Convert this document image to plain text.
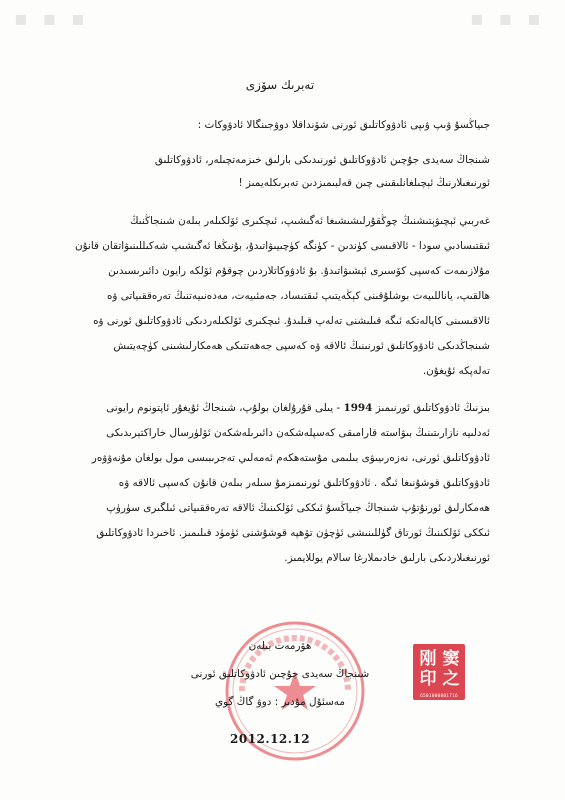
▪ ▪ ▪	▪ ▪ ▪
تەبرىك سۆزى
جىياڭسۇ ۋىپ ۋىپى ئادۋوكاتلىق ئورنى شۆنداقلا دوۋجىنگالا ئادۋوكات :
شىنجاڭ سەيدى جۇچىن ئادۋوكاتلىق ئورنىدىكى بارلىق خىزمەتچىلەر، ئادۋوكاتلىق
ئورنىغىلارنىڭ ئېچىلغانلىقىنى چىن قەلبىمىزدىن تەبرىكلەيمىز !
غەربىي ئېچىۋېتىشنىڭ چوڭقۇرلىشىشىغا ئەگىشىپ، ئىچكىرى ئۆلكىلەر بىلەن شىنجاڭنىڭ
ئىقتىسادىي سودا - ئالاقىسى كۈندىن - كۈنگە كۈچىيىۋاتىدۇ، بۇنىڭغا ئەگىشىپ شەكىللىنىۋاتقان قانۇن
مۇلازىمەت كەسپى كۆسىرى ئېشىۋاتىدۇ. بۇ ئادۋوكاتلاردىن چوقۇم ئۆلكە رايون دائىرىسىدىن
ھالقىپ، ياناللىيەت بوشلۇقىنى كېڭەيتىپ ئىقتىساد، جەمئىيەت، مەدەنىيەتنىڭ تەرەققىياتى ۋە
ئالاقىسىنى كاپالەتكە ئىگە قىلىشنى تەلەپ قىلىدۇ. ئىچكىرى ئۆلكىلەردىكى ئادۋوكاتلىق ئورنى ۋە
شىنجاڭدىكى ئادۋوكاتلىق ئورنىنىڭ ئالاقە ۋە كەسپى جەھەتتىكى ھەمكارلىشىنى كۈچەيتىش
تەلەپكە ئۇيغۇن.
بىزنىڭ ئادۋوكاتلىق ئورنىمىز 1994 - يىلى قۇرۇلغان بولۇپ، شىنجاڭ ئۇيغۇر ئاپتونوم رايونى
ئەدلىيە نازارىتىنىڭ بىۋاستە قارامىقى كەسپلەشكەن دائىرىلەشكەن ئۆلۈرسال خاراكتېرىدىكى
ئادۋوكاتلىق ئورنى، نەزەرىيىۋى بىلىمى مۇستەھكەم ئەمەلىي تەجرىبىسى مول بولغان مۇنەۋۋەر
ئادۋوكاتلىق قوشۇنىغا ئىگە . ئادۋوكاتلىق ئورنىمىزمۇ سىلەر بىلەن قانۇن كەسپى ئالاقە ۋە
ھەمكارلىق ئورنۇتۇپ شىنجاڭ جىياڭسۇ ئىككى ئۆلكىنىڭ ئالاقە تەرەققىياتى ئىلگىرى سۈرۈپ
ئىككى ئۆلكىنىڭ ئورتاق گۈللىنىشى ئۈچۈن تۆھپە قوشۇشنى ئۈمۈد قىلىمىز. ئاخىردا ئادۋوكاتلىق
ئورنىغىلاردىكى بارلىق خادىملارغا سالام يوللايمىز.
ھۆرمەت بىلەن
شىنجاڭ سەيدى جۇچىن ئادۋوكاتلىق ئورنى
مەسئۇل مۇدىر : دوۋ گاڭ گوي
2012.12.12
窦
刚
之
印
6501000001716
